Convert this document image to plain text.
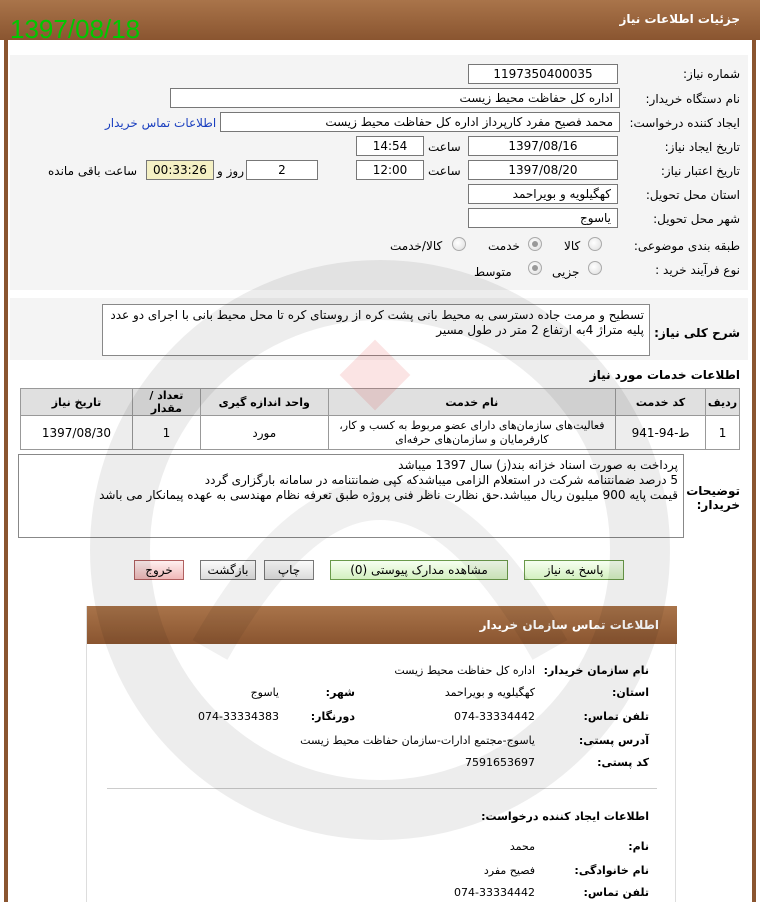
جزئیات اطلاعات نیاز
1397/08/18
شماره نیاز:
1197350400035
نام دستگاه خریدار:
اداره کل حفاظت محیط زیست
ایجاد کننده درخواست:
محمد فصیح مفرد کارپرداز اداره کل حفاظت محیط زیست
اطلاعات تماس خریدار
تاریخ ایجاد نیاز:
1397/08/16
ساعت
14:54
تاریخ اعتبار نیاز:
1397/08/20
ساعت
12:00
2
روز و
00:33:26
ساعت باقی مانده
استان محل تحویل:
کهگیلویه و بویراحمد
شهر محل تحویل:
یاسوج
طبقه بندی موضوعی:
کالا
خدمت
کالا/خدمت
نوع فرآیند خرید :
جزیی
متوسط
شرح کلی نیاز:
تسطیح و مرمت جاده دسترسی به محیط بانی پشت کره از روستای کره تا محل محیط بانی با اجرای دو عدد پلیه متراژ 4به ارتفاع 2 متر در طول مسیر
اطلاعات خدمات مورد نیاز
ردیف	کد خدمت	نام خدمت	واحد اندازه گیری	تعداد / مقدار	تاریخ نیاز
1	ط-94-941	فعالیت‌های سازمان‌های دارای عضو مربوط به کسب و کار، کارفرمایان و سازمان‌های حرفه‌ای	مورد	1	1397/08/30
توضیحات خریدار:
پرداخت به صورت اسناد خزانه بند(ز) سال 1397 میباشد
5 درصد ضمانتنامه شرکت در استعلام الزامی میباشدکه کپی ضمانتنامه در سامانه بارگزاری گردد
قیمت پایه 900 میلیون ریال میباشد.حق نظارت ناظر فنی پروژه طبق تعرفه نظام مهندسی به عهده پیمانکار می باشد
پاسخ به نیاز
مشاهده مدارک پیوستی (0)
چاپ
بازگشت
خروج
اطلاعات تماس سازمان خریدار
نام سازمان خریدار:
اداره کل حفاظت محیط زیست
استان:
کهگیلویه و بویراحمد
شهر:
یاسوج
تلفن تماس:
074-33334442
دورنگار:
074-33334383
آدرس پستی:
یاسوج-مجتمع ادارات-سازمان حفاظت محیط زیست
کد پستی:
7591653697
اطلاعات ایجاد کننده درخواست:
نام:
محمد
نام خانوادگی:
فصیح مفرد
تلفن تماس:
074-33334442
